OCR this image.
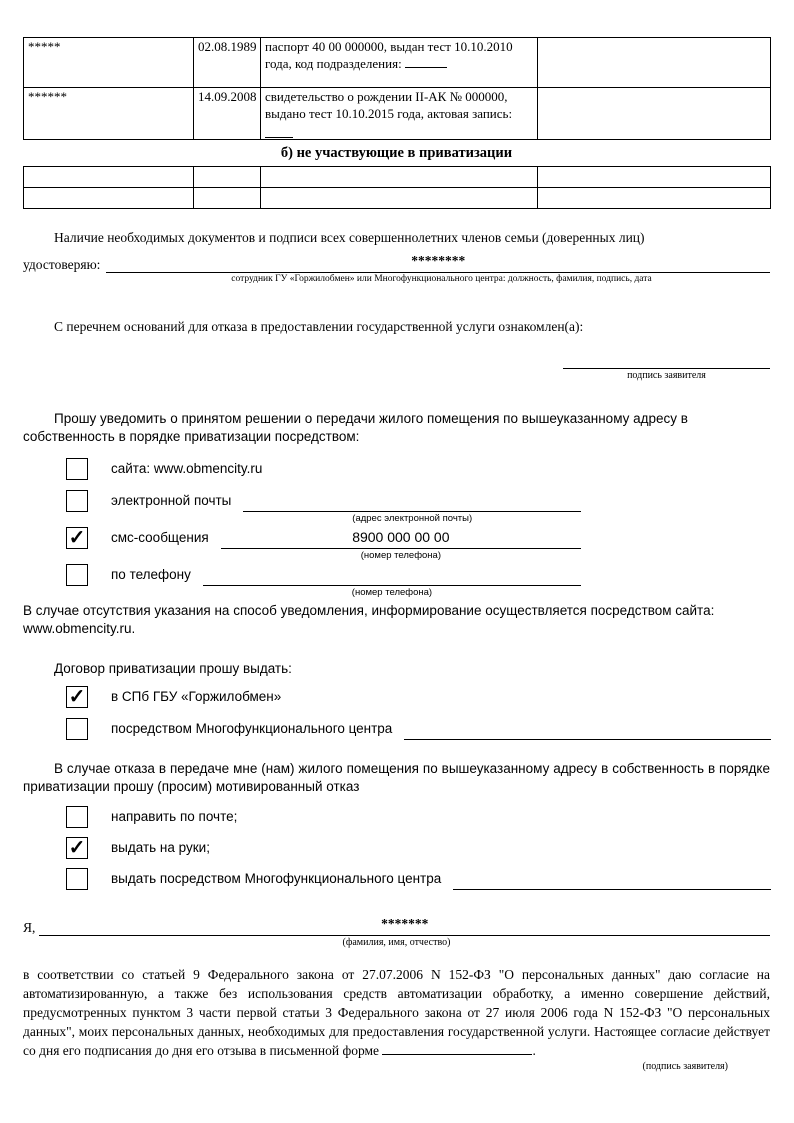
*****	02.08.1989	паспорт 40 00 000000, выдан тест 10.10.2010 года, код подразделения:	
******	14.09.2008	свидетельство о рождении II-АК № 000000, выдано тест 10.10.2015 года, актовая запись:

б) не участвующие в приватизации

Наличие необходимых документов и подписи всех совершеннолетних членов семьи (доверенных лиц)

удостоверяю:	********
сотрудник ГУ «Горжилобмен» или Многофункционального центра: должность, фамилия, подпись, дата

С перечнем оснований для отказа в предоставлении государственной услуги ознакомлен(а):

подпись заявителя

Прошу уведомить о принятом решении о передачи жилого помещения по вышеуказанному адресу в собственность в порядке приватизации посредством:

сайта: www.obmencity.ru
электронной почты
(адрес электронной почты)
✓ смс-сообщения	8900 000 00 00
(номер телефона)
по телефону
(номер телефона)

В случае отсутствия указания на способ уведомления, информирование осуществляется посредством сайта: www.obmencity.ru.

Договор приватизации прошу выдать:

✓ в СПб ГБУ «Горжилобмен»
посредством Многофункционального центра

В случае отказа в передаче мне (нам) жилого помещения по вышеуказанному адресу в собственность в порядке приватизации прошу (просим) мотивированный отказ

направить по почте;
✓ выдать на руки;
выдать посредством Многофункционального центра
Я,	*******
(фамилия, имя, отчество)

в соответствии со статьей 9 Федерального закона от 27.07.2006 N 152-ФЗ "О персональных данных" даю согласие на автоматизированную, а также без использования средств автоматизации обработку, а именно совершение действий, предусмотренных пунктом 3 части первой статьи 3 Федерального закона от 27 июля 2006 года N 152-ФЗ "О персональных данных", моих персональных данных, необходимых для предоставления государственной услуги. Настоящее согласие действует со дня его подписания до дня его отзыва в письменной форме	.

(подпись заявителя)
